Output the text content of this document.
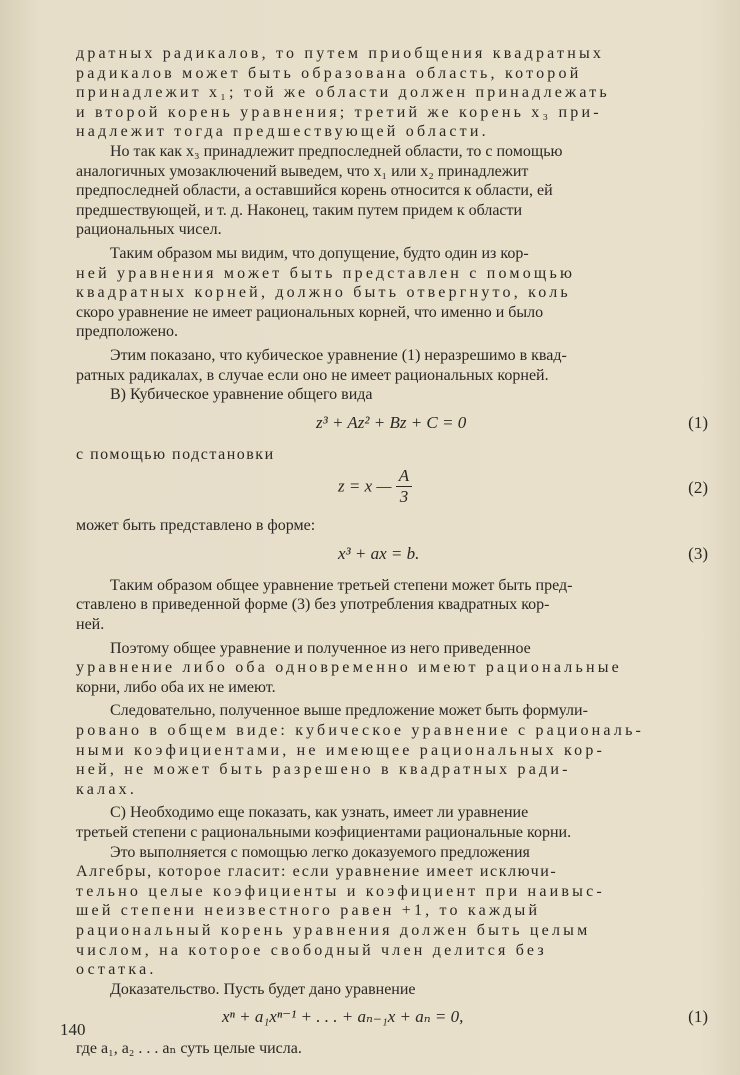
дратных радикалов, то путем приобщения квадратных

радикалов может быть образована область, которой

принадлежит x₁; той же области должен принадлежать

и второй корень уравнения; третий же корень x₃ при-

надлежит тогда предшествующей области.

Но так как x₃ принадлежит предпоследней области, то с помощью

аналогичных умозаключений выведем, что x₁ или x₂ принадлежит

предпоследней области, а оставшийся корень относится к области, ей

предшествующей, и т. д. Наконец, таким путем придем к области

рациональных чисел.

Таким образом мы видим, что допущение, будто один из кор-

ней уравнения может быть представлен с помощью

квадратных корней, должно быть отвергнуто, коль

скоро уравнение не имеет рациональных корней, что именно и было

предположено.

Этим показано, что кубическое уравнение (1) неразрешимо в квад-

ратных радикалах, в случае если оно не имеет рациональных корней.

B) Кубическое уравнение общего вида

z³ + Az² + Bz + C = 0	(1)

с помощью подстановки

z = x — $\frac{A}{3}$	(2)

может быть представлено в форме:

x³ + ax = b.	(3)

Таким образом общее уравнение третьей степени может быть пред-

ставлено в приведенной форме (3) без употребления квадратных кор-

ней.

Поэтому общее уравнение и полученное из него приведенное

уравнение либо оба одновременно имеют рациональные

корни, либо оба их не имеют.

Следовательно, полученное выше предложение может быть формули-

ровано в общем виде: кубическое уравнение с рациональ-

ными коэфициентами, не имеющее рациональных кор-

ней, не может быть разрешено в квадратных ради-

калах.

C) Необходимо еще показать, как узнать, имеет ли уравнение

третьей степени с рациональными коэфициентами рациональные корни.

Это выполняется с помощью легко доказуемого предложения

Алгебры, которое гласит: если уравнение имеет исключи-

тельно целые коэфициенты и коэфициент при наивыс-

шей степени неизвестного равен +1, то каждый

рациональный корень уравнения должен быть целым

числом, на которое свободный член делится без

остатка.

Доказательство. Пусть будет дано уравнение

xⁿ + a₁xⁿ⁻¹ + . . . + aₙ₋₁x + aₙ = 0,	(1)

где a₁, a₂ . . . aₙ суть целые числа.

140
